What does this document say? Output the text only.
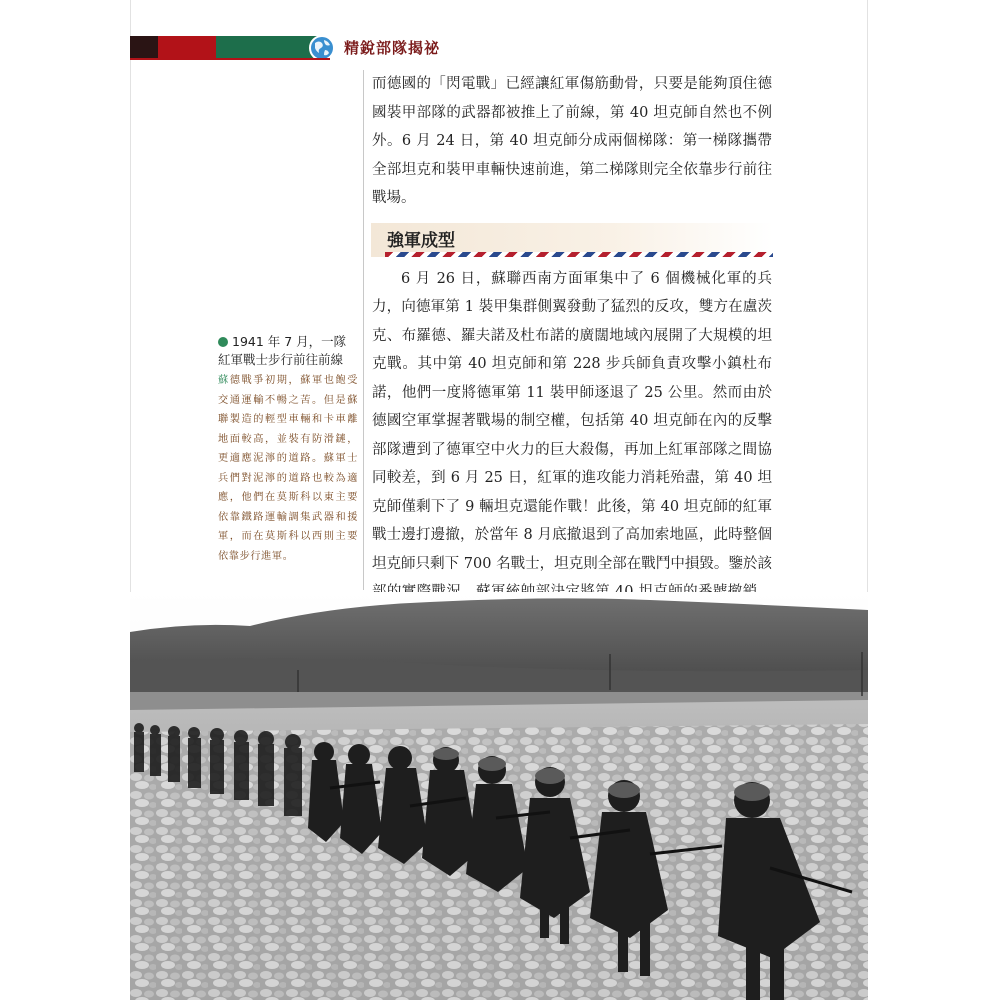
精銳部隊揭祕

而德國的「閃電戰」已經讓紅軍傷筋動骨，只要是能夠頂住德國裝甲部隊的武器都被推上了前線，第 40 坦克師自然也不例外。6 月 24 日，第 40 坦克師分成兩個梯隊：第一梯隊攜帶全部坦克和裝甲車輛快速前進，第二梯隊則完全依靠步行前往戰場。

強軍成型

6 月 26 日，蘇聯西南方面軍集中了 6 個機械化軍的兵力，向德軍第 1 裝甲集群側翼發動了猛烈的反攻，雙方在盧茨克、布羅德、羅夫諾及杜布諾的廣闊地域內展開了大規模的坦克戰。其中第 40 坦克師和第 228 步兵師負責攻擊小鎮杜布諾，他們一度將德軍第 11 裝甲師逐退了 25 公里。然而由於德國空軍掌握著戰場的制空權，包括第 40 坦克師在內的反擊部隊遭到了德軍空中火力的巨大殺傷，再加上紅軍部隊之間協同較差，到 6 月 25 日，紅軍的進攻能力消耗殆盡，第 40 坦克師僅剩下了 9 輛坦克還能作戰！此後，第 40 坦克師的紅軍戰士邊打邊撤，於當年 8 月底撤退到了高加索地區，此時整個坦克師只剩下 700 名戰士，坦克則全部在戰鬥中損毀。鑒於該

1941 年 7 月，一隊紅軍戰士步行前往前線
蘇德戰爭初期，蘇軍也飽受交通運輸不暢之苦。但是蘇聯製造的輕型車輛和卡車離地面較高，並裝有防滑鏈，更適應泥濘的道路。蘇軍士兵們對泥濘的道路也較為適應，他們在莫斯科以東主要依靠鐵路運輸調集武器和援軍，而在莫斯科以西則主要依靠步行進軍。
